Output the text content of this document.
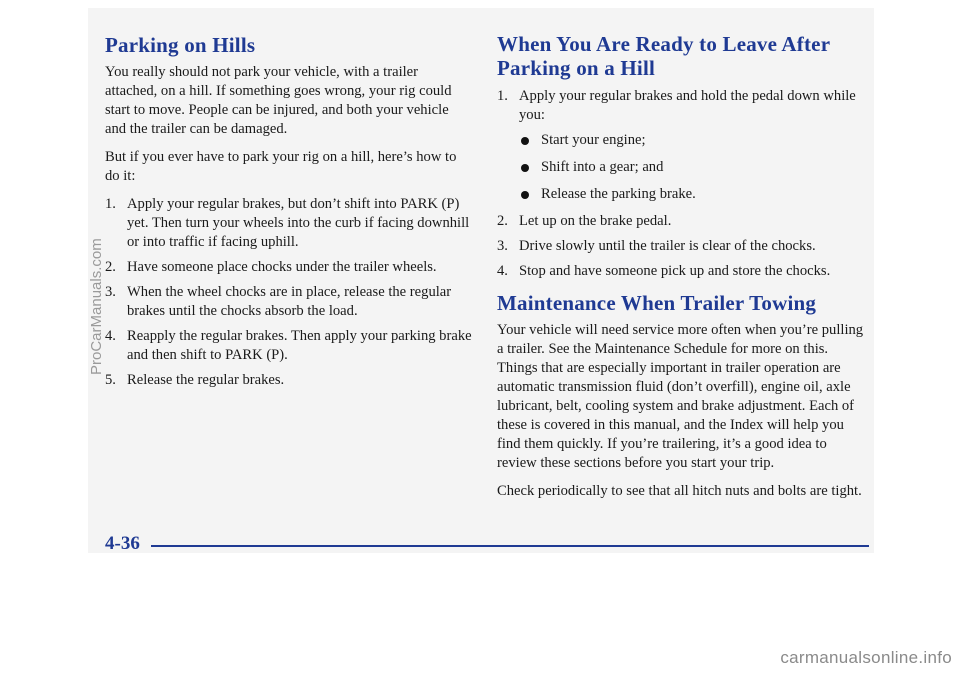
Parking on Hills

You really should not park your vehicle, with a trailer attached, on a hill. If something goes wrong, your rig could start to move. People can be injured, and both your vehicle and the trailer can be damaged.

But if you ever have to park your rig on a hill, here’s how to do it:

1. Apply your regular brakes, but don’t shift into PARK (P) yet. Then turn your wheels into the curb if facing downhill or into traffic if facing uphill.
2. Have someone place chocks under the trailer wheels.
3. When the wheel chocks are in place, release the regular brakes until the chocks absorb the load.
4. Reapply the regular brakes. Then apply your parking brake and then shift to PARK (P).
5. Release the regular brakes.
When You Are Ready to Leave After Parking on a Hill
1. Apply your regular brakes and hold the pedal down while you:
Start your engine;
Shift into a gear; and
Release the parking brake.
2. Let up on the brake pedal.
3. Drive slowly until the trailer is clear of the chocks.
4. Stop and have someone pick up and store the chocks.
Maintenance When Trailer Towing

Your vehicle will need service more often when you’re pulling a trailer. See the Maintenance Schedule for more on this. Things that are especially important in trailer operation are automatic transmission fluid (don’t overfill), engine oil, axle lubricant, belt, cooling system and brake adjustment. Each of these is covered in this manual, and the Index will help you find them quickly. If you’re trailering, it’s a good idea to review these sections before you start your trip.

Check periodically to see that all hitch nuts and bolts are tight.

4-36
ProCarManuals.com
carmanualsonline.info
